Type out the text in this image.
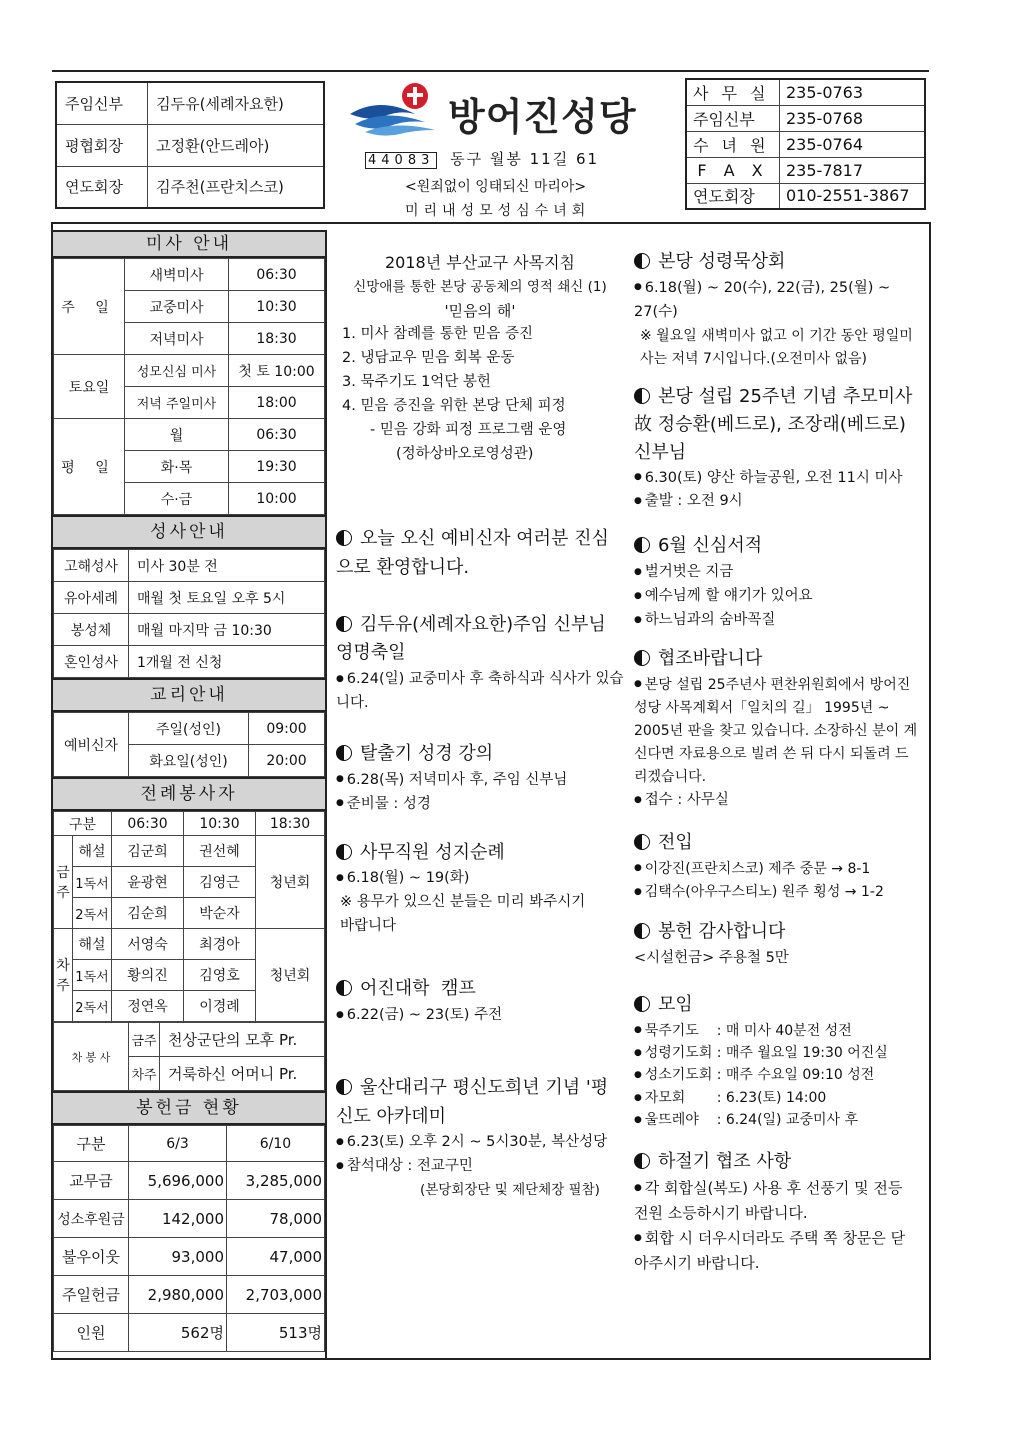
주임신부	김두유(세례자요한)
평협회장	고정환(안드레아)
연도회장	김주천(프란치스코)
방어진성당
44083 동구 월봉 11길 61
<원죄없이 잉태되신 마리아>
미리내성모성심수녀회
사 무 실	235-0763
주임신부	235-0768
수 녀 원	235-0764
F A X	235-7817
연도회장	010-2551-3867
미사 안내
주 일	새벽미사	06:30
	교중미사	10:30
	저녁미사	18:30
토요일	성모신심 미사	첫 토 10:00
	저녁 주일미사	18:00
평 일	월	06:30
	화·목	19:30
	수·금	10:00
성사안내
고해성사	미사 30분 전
유아세례	매월 첫 토요일 오후 5시
봉성체	매월 마지막 금 10:30
혼인성사	1개월 전 신청
교리안내
예비신자	주일(성인)	09:00
	화요일(성인)	20:00
전례봉사자
구분		06:30	10:30	18:30
금주	해설	김군희	권선혜	청년회
	1독서	윤광현	김영근	
	2독서	김순희	박순자	
차주	해설	서영숙	최경아	청년회
	1독서	황의진	김영호	
	2독서	정연옥	이경례	
차 봉 사	금주	천상군단의 모후 Pr.
	차주	거룩하신 어머니 Pr.
봉헌금 현황
구분	6/3	6/10
교무금	5,696,000	3,285,000
성소후원금	142,000	78,000
불우이웃	93,000	47,000
주일헌금	2,980,000	2,703,000
인원	562명	513명
2018년 부산교구 사목지침
신망애를 통한 본당 공동체의 영적 쇄신 (1)
'믿음의 해'

1. 미사 참례를 통한 믿음 증진

2. 냉담교우 믿음 회복 운동

3. 묵주기도 1억단 봉헌

4. 믿음 증진을 위한 본당 단체 피정

- 믿음 강화 피정 프로그램 운영

(정하상바오로영성관)

오늘 오신 예비신자 여러분 진심으로 환영합니다.
김두유(세례자요한)주임 신부님 영명축일

● 6.24(일) 교중미사 후 축하식과 식사가 있습니다.

탈출기 성경 강의

● 6.28(목) 저녁미사 후, 주임 신부님

● 준비물 : 성경

사무직원 성지순례

● 6.18(월) ~ 19(화)

※ 용무가 있으신 분들은 미리 봐주시기 바랍니다

어진대학  캠프

● 6.22(금) ~ 23(토) 주전

울산대리구 평신도희년 기념 '평신도 아카데미

● 6.23(토) 오후 2시 ~ 5시30분, 복산성당

● 참석대상 : 전교구민

(본당회장단 및 제단체장 필참)

본당 성령묵상회

● 6.18(월) ~ 20(수), 22(금), 25(월) ~ 27(수)

※ 월요일 새벽미사 없고 이 기간 동안 평일미사는 저녁 7시입니다.(오전미사 없음)

본당 설립 25주년 기념 추모미사 故 정승환(베드로), 조장래(베드로) 신부님

● 6.30(토) 양산 하늘공원, 오전 11시 미사

● 출발 : 오전 9시

6월 신심서적

● 벌거벗은 지금

● 예수님께 할 얘기가 있어요

● 하느님과의 숨바꼭질

협조바랍니다

● 본당 설립 25주년사 편찬위원회에서 방어진성당 사목계획서「일치의 길」 1995년 ~ 2005년 판을 찾고 있습니다. 소장하신 분이 계신다면 자료용으로 빌려 쓴 뒤 다시 되돌려 드리겠습니다.

● 접수 : 사무실

전입

● 이강진(프란치스코) 제주 중문 → 8-1

● 김택수(아우구스티노) 원주 횡성 → 1-2

봉헌 감사합니다

<시설헌금> 주용철 5만

모임
● 묵주기도 : 매 미사 40분전 성전
● 성령기도회 : 매주 월요일 19:30 어진실
● 성소기도회 : 매주 수요일 09:10 성전
● 자모회 : 6.23(토) 14:00
● 울뜨레야 : 6.24(일) 교중미사 후
하절기 협조 사항

● 각 회합실(복도) 사용 후 선풍기 및 전등 전원 소등하시기 바랍니다.

● 회합 시 더우시더라도 주택 쪽 창문은 닫아주시기 바랍니다.
